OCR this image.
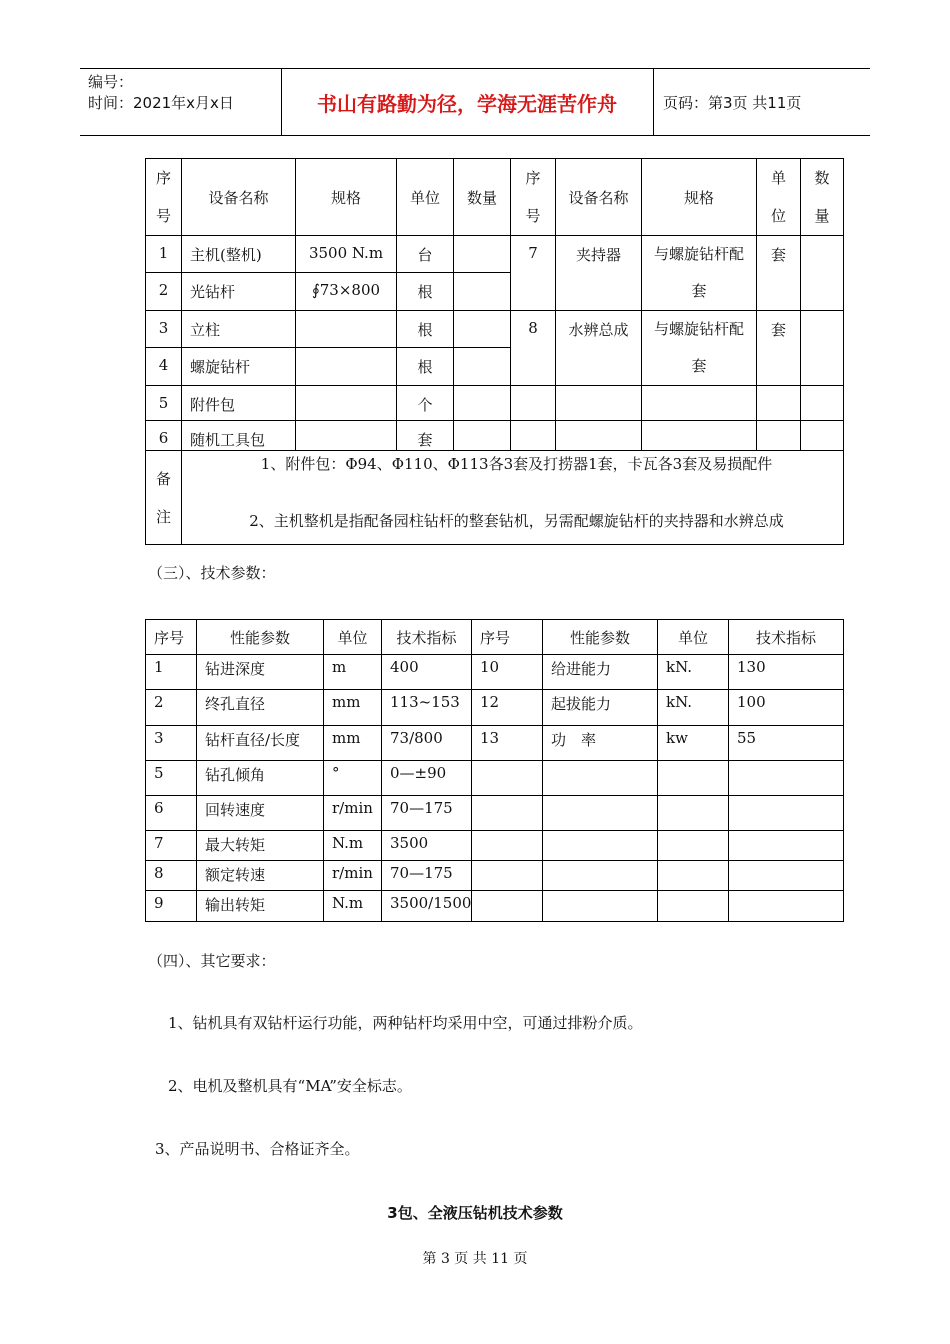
编号：
时间：2021年x月x日	书山有路勤为径，学海无涯苦作舟	页码：第3页 共11页
序号	设备名称	规格	单位	数量	序号	设备名称	规格	单位	数量

1	主机(整机)	3500 N.m	台		7	夹持器	与螺旋钻杆配套	套	
2	光钻杆	∮73×800	根						
3	立柱		根		8	水辨总成	与螺旋钻杆配套	套	
4	螺旋钻杆		根						
5	附件包		个						
6	随机工具包		套						

备注	1、附件包：Φ94、Φ110、Φ113各3套及打捞器1套，卡瓦各3套及易损配件

2、主机整机是指配备园柱钻杆的整套钻机，另需配螺旋钻杆的夹持器和水辨总成								

（三）、技术参数：
序号	性能参数	单位	技术指标	序号	性能参数	单位	技术指标
1	钻进深度	m	400	10	给进能力	kN.	130
2	终孔直径	mm	113~153	12	起拔能力	kN.	100
3	钻杆直径/长度	mm	73/800	13	功　率	kw	55
5	钻孔倾角	°	0—±90				
6	回转速度	r/min	70—175				
7	最大转矩	N.m	3500				
8	额定转速	r/min	70—175				
9	输出转矩	N.m	3500/1500				
（四）、其它要求：
1、钻机具有双钻杆运行功能，两种钻杆均采用中空，可通过排粉介质。
2、电机及整机具有“MA”安全标志。
3、产品说明书、合格证齐全。
3包、全液压钻机技术参数
第 3 页 共 11 页
